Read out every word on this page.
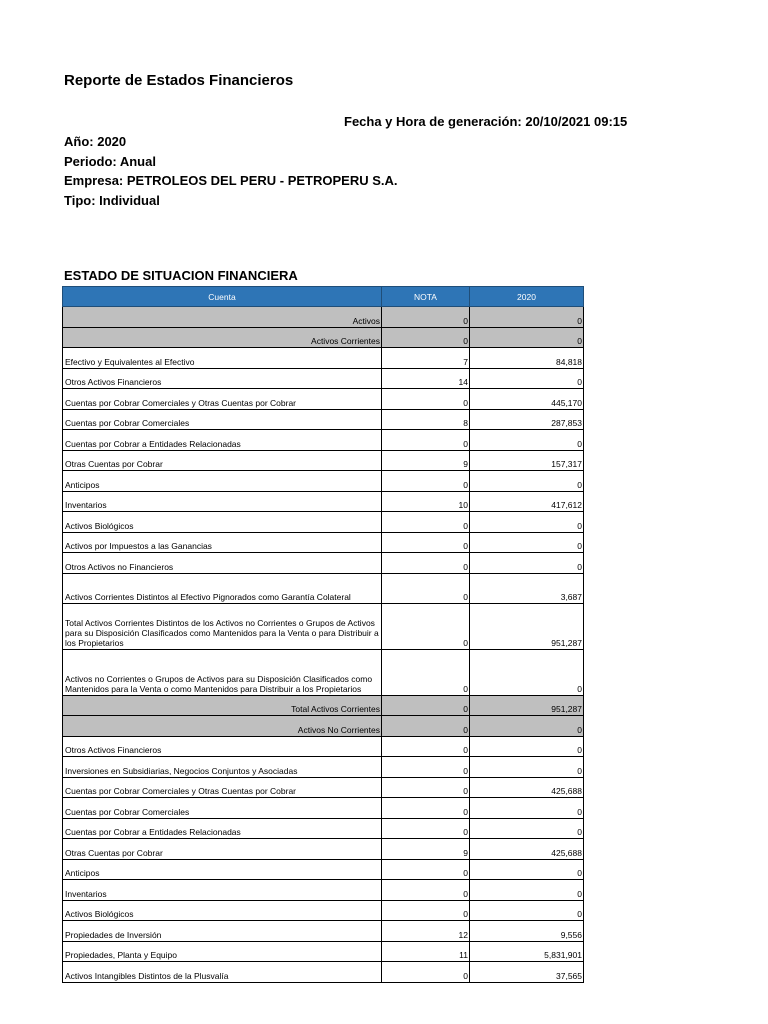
Reporte de Estados Financieros
Fecha y Hora de generación: 20/10/2021 09:15
Año: 2020
Periodo: Anual
Empresa: PETROLEOS DEL PERU - PETROPERU S.A.
Tipo: Individual
ESTADO DE SITUACION FINANCIERA
Cuenta	NOTA	2020
Activos	0	0
Activos Corrientes	0	0
Efectivo y Equivalentes al Efectivo	7	84,818
Otros Activos Financieros	14	0
Cuentas por Cobrar Comerciales y Otras Cuentas por Cobrar	0	445,170
Cuentas por Cobrar Comerciales	8	287,853
Cuentas por Cobrar a Entidades Relacionadas	0	0
Otras Cuentas por Cobrar	9	157,317
Anticipos	0	0
Inventarios	10	417,612
Activos Biológicos	0	0
Activos por Impuestos a las Ganancias	0	0
Otros Activos no Financieros	0	0
Activos Corrientes Distintos al Efectivo Pignorados como Garantía Colateral	0	3,687
Total Activos Corrientes Distintos de los Activos no Corrientes o Grupos de Activos para su Disposición Clasificados como Mantenidos para la Venta o para Distribuir a los Propietarios	0	951,287
Activos no Corrientes o Grupos de Activos para su Disposición Clasificados como Mantenidos para la Venta o como Mantenidos para Distribuir a los Propietarios	0	0
Total Activos Corrientes	0	951,287
Activos No Corrientes	0	0
Otros Activos Financieros	0	0
Inversiones en Subsidiarias, Negocios Conjuntos y Asociadas	0	0
Cuentas por Cobrar Comerciales y Otras Cuentas por Cobrar	0	425,688
Cuentas por Cobrar Comerciales	0	0
Cuentas por Cobrar a Entidades Relacionadas	0	0
Otras Cuentas por Cobrar	9	425,688
Anticipos	0	0
Inventarios	0	0
Activos Biológicos	0	0
Propiedades de Inversión	12	9,556
Propiedades, Planta y Equipo	11	5,831,901
Activos Intangibles Distintos de la Plusvalía	0	37,565
